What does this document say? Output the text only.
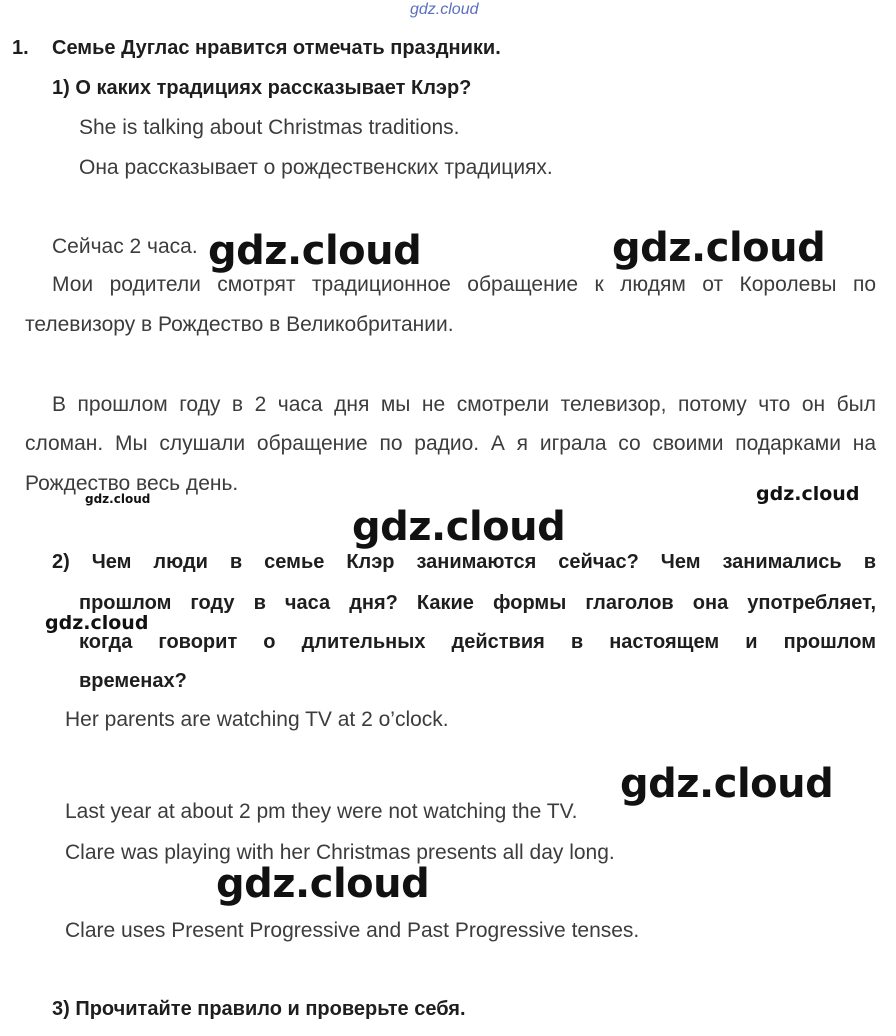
gdz.cloud
1. Семье Дуглас нравится отмечать праздники.
1) О каких традициях рассказывает Клэр?
She is talking about Christmas traditions.
Она рассказывает о рождественских традициях.
Сейчас 2 часа.
Мои родители смотрят традиционное обращение к людям от Королевы по
телевизору в Рождество в Великобритании.
В прошлом году в 2 часа дня мы не смотрели телевизор, потому что он был
сломан. Мы слушали обращение по радио. А я играла со своими подарками на
Рождество весь день.
2) Чем люди в семье Клэр занимаются сейчас? Чем занимались в
прошлом году в часа дня? Какие формы глаголов она употребляет,
когда говорит о длительных действия в настоящем и прошлом
временах?
Her parents are watching TV at 2 o’clock.
Last year at about 2 pm they were not watching the TV.
Clare was playing with her Christmas presents all day long.
Clare uses Present Progressive and Past Progressive tenses.
3) Прочитайте правило и проверьте себя.
gdz.cloud	gdz.cloud
gdz.cloud	gdz.cloud
gdz.cloud
gdz.cloud
gdz.cloud
gdz.cloud
